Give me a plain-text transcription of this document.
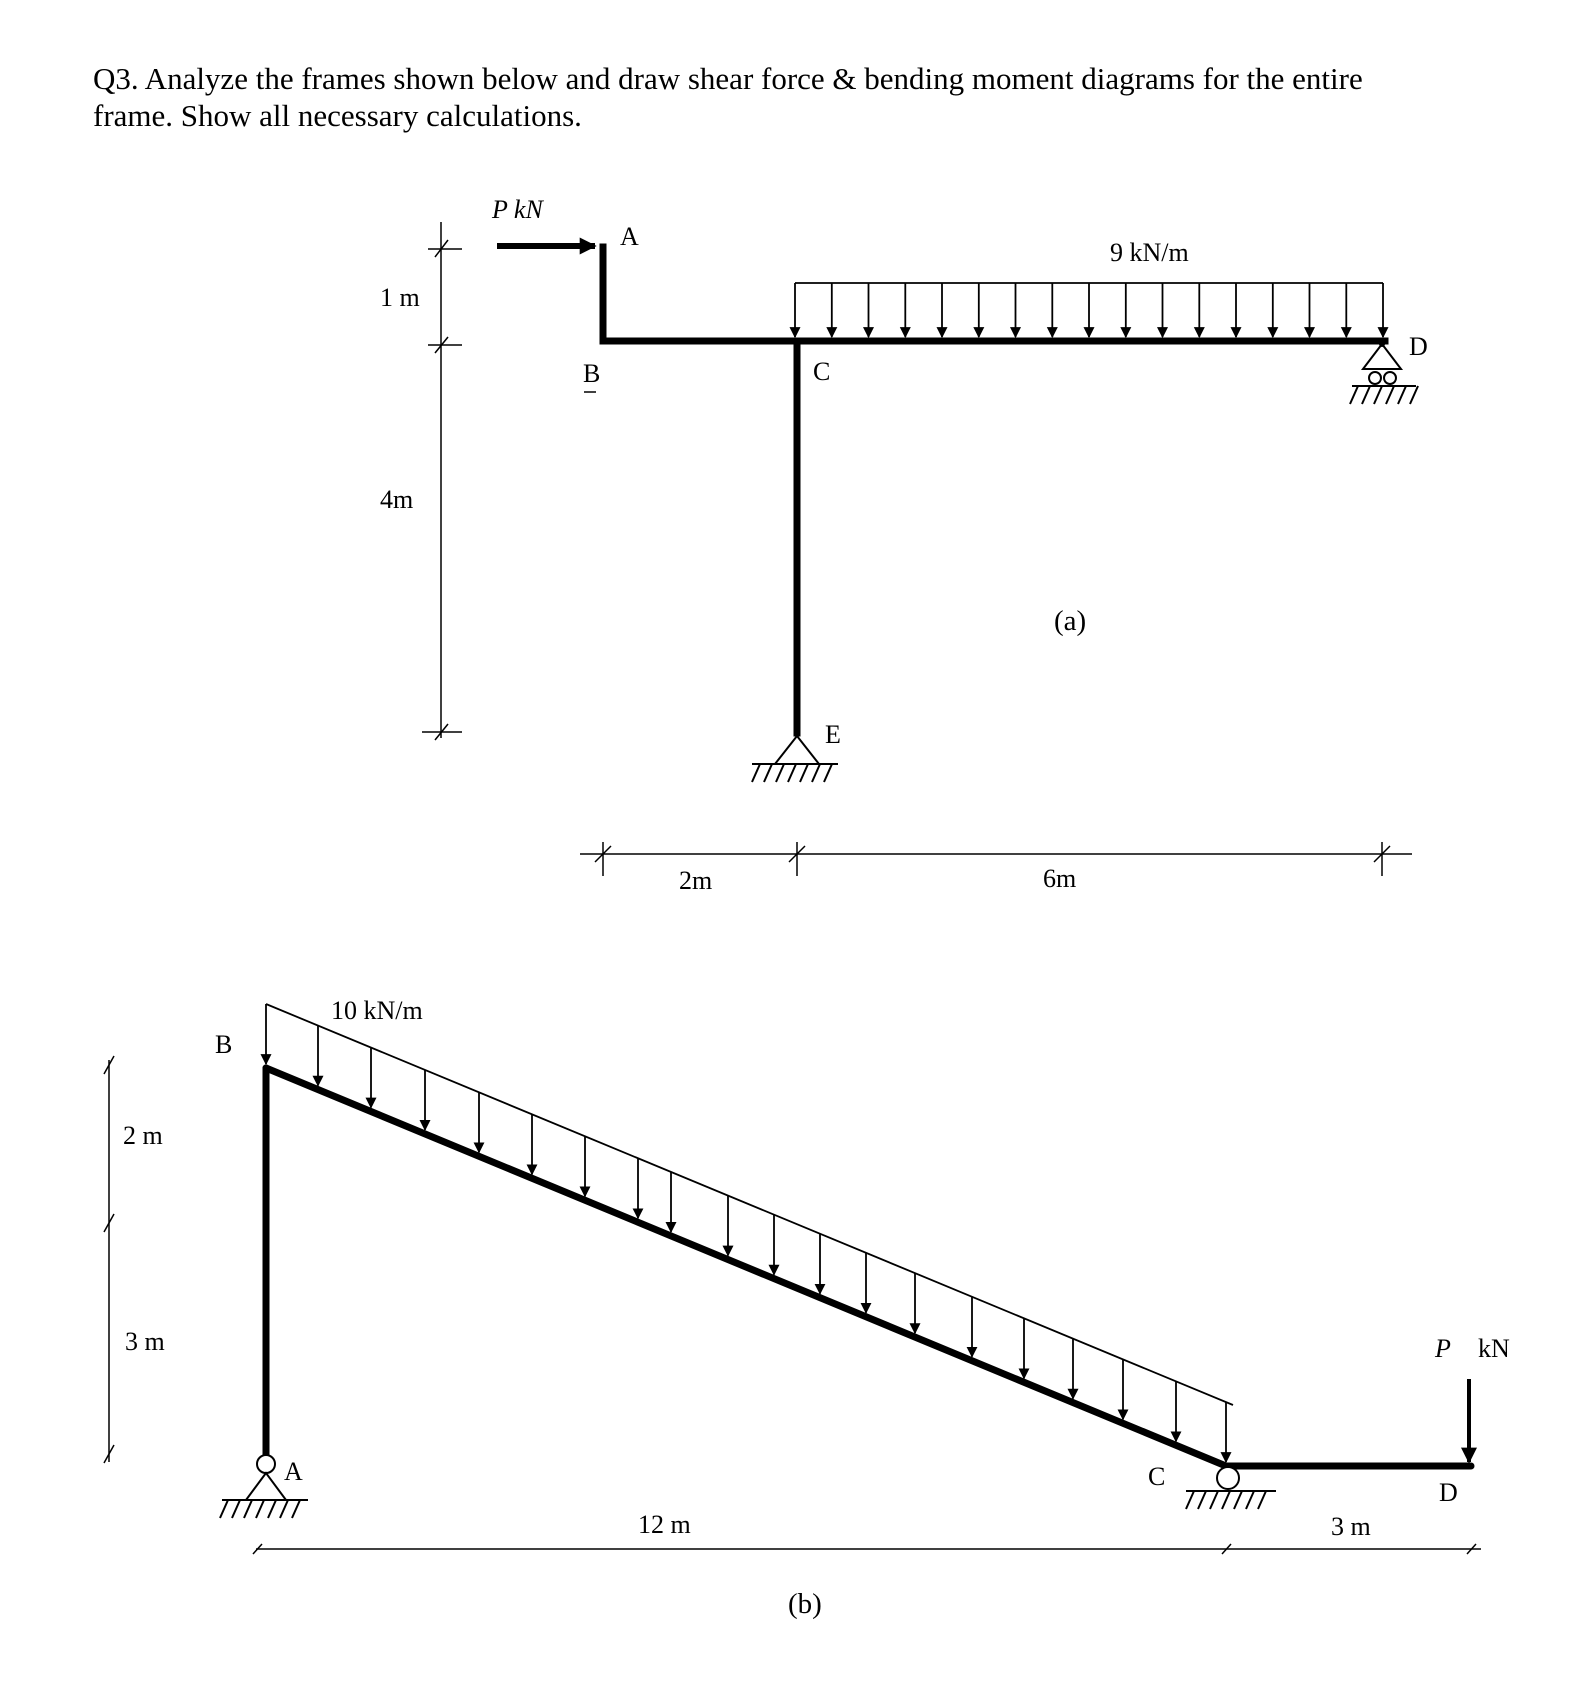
Q3. Analyze the frames shown below and draw shear force & bending moment diagrams for the entire
frame. Show all necessary calculations.

P kN
9 kN/m
A
B	C
D
E
1 m
4m
2m	6m
(a)
10 kN/m
P kN
B
A	C
D
2 m
3 m
12 m	3 m
(b)
